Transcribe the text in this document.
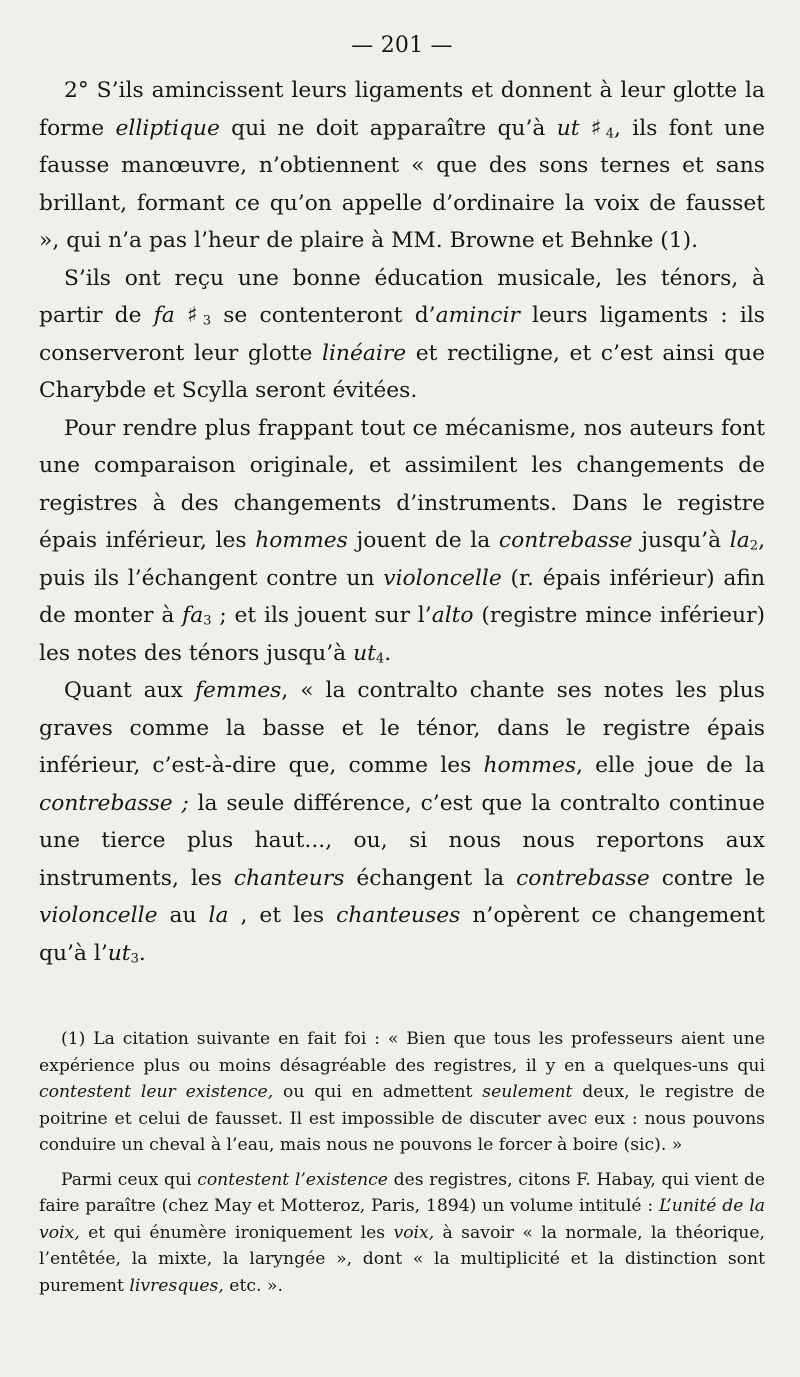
— 201 —

2° S’ils amincissent leurs ligaments et donnent à leur glotte la forme elliptique qui ne doit apparaître qu’à ut $♯_4$, ils font une fausse manœuvre, n’obtiennent « que des sons ternes et sans brillant, formant ce qu’on appelle d’ordinaire la voix de fausset », qui n’a pas l’heur de plaire à MM. Browne et Behnke (1).

S’ils ont reçu une bonne éducation musicale, les ténors, à partir de fa $♯_3$ se contenteront d’amincir leurs ligaments : ils conserveront leur glotte linéaire et rectiligne, et c’est ainsi que Charybde et Scylla seront évitées.

Pour rendre plus frappant tout ce mécanisme, nos auteurs font une comparaison originale, et assimilent les changements de registres à des changements d’instruments. Dans le registre épais inférieur, les hommes jouent de la contrebasse jusqu’à $la_2$, puis ils l’échangent contre un violoncelle (r. épais inférieur) afin de monter à $fa_3$ ; et ils jouent sur l’alto (registre mince inférieur) les notes des ténors jusqu’à $ut_4$.

Quant aux femmes, « la contralto chante ses notes les plus graves comme la basse et le ténor, dans le registre épais inférieur, c’est-à-dire que, comme les hommes, elle joue de la contrebasse ; la seule différence, c’est que la contralto continue une tierce plus haut..., ou, si nous nous reportons aux instruments, les chanteurs échangent la contrebasse contre le violoncelle au la , et les chanteuses n’opèrent ce changement qu’à $l’ut_3$.

(1) La citation suivante en fait foi : « Bien que tous les professeurs aient une expérience plus ou moins désagréable des registres, il y en a quelques-uns qui contestent leur existence, ou qui en admettent seulement deux, le registre de poitrine et celui de fausset. Il est impossible de discuter avec eux : nous pouvons conduire un cheval à l’eau, mais nous ne pouvons le forcer à boire (sic). »

Parmi ceux qui contestent l’existence des registres, citons F. Habay, qui vient de faire paraître (chez May et Motteroz, Paris, 1894) un volume intitulé : L’unité de la voix, et qui énumère ironiquement les voix, à savoir « la normale, la théorique, l’entêtée, la mixte, la laryngée », dont « la multiplicité et la distinction sont purement livresques, etc. ».
